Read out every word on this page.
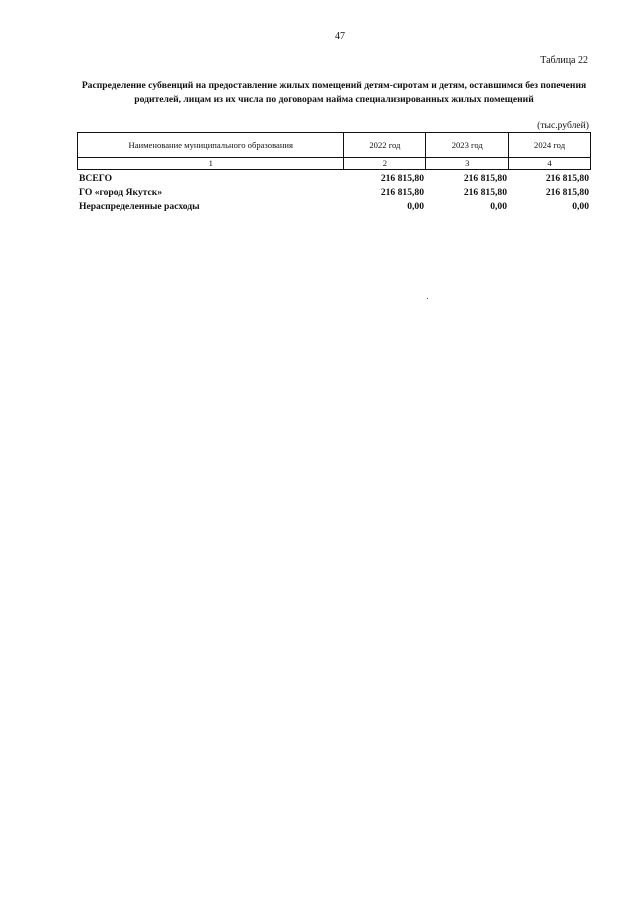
47
Таблица 22
Распределение субвенций на предоставление жилых помещений детям-сиротам и детям, оставшимся без попечения родителей, лицам из их числа по договорам найма специализированных жилых помещений
(тыс.рублей)
Наименование муниципального образования	2022 год	2023 год	2024 год
1	2	3	4
ВСЕГО	216 815,80	216 815,80	216 815,80
ГО «город Якутск»	216 815,80	216 815,80	216 815,80
Нераспределенные расходы	0,00	0,00	0,00
